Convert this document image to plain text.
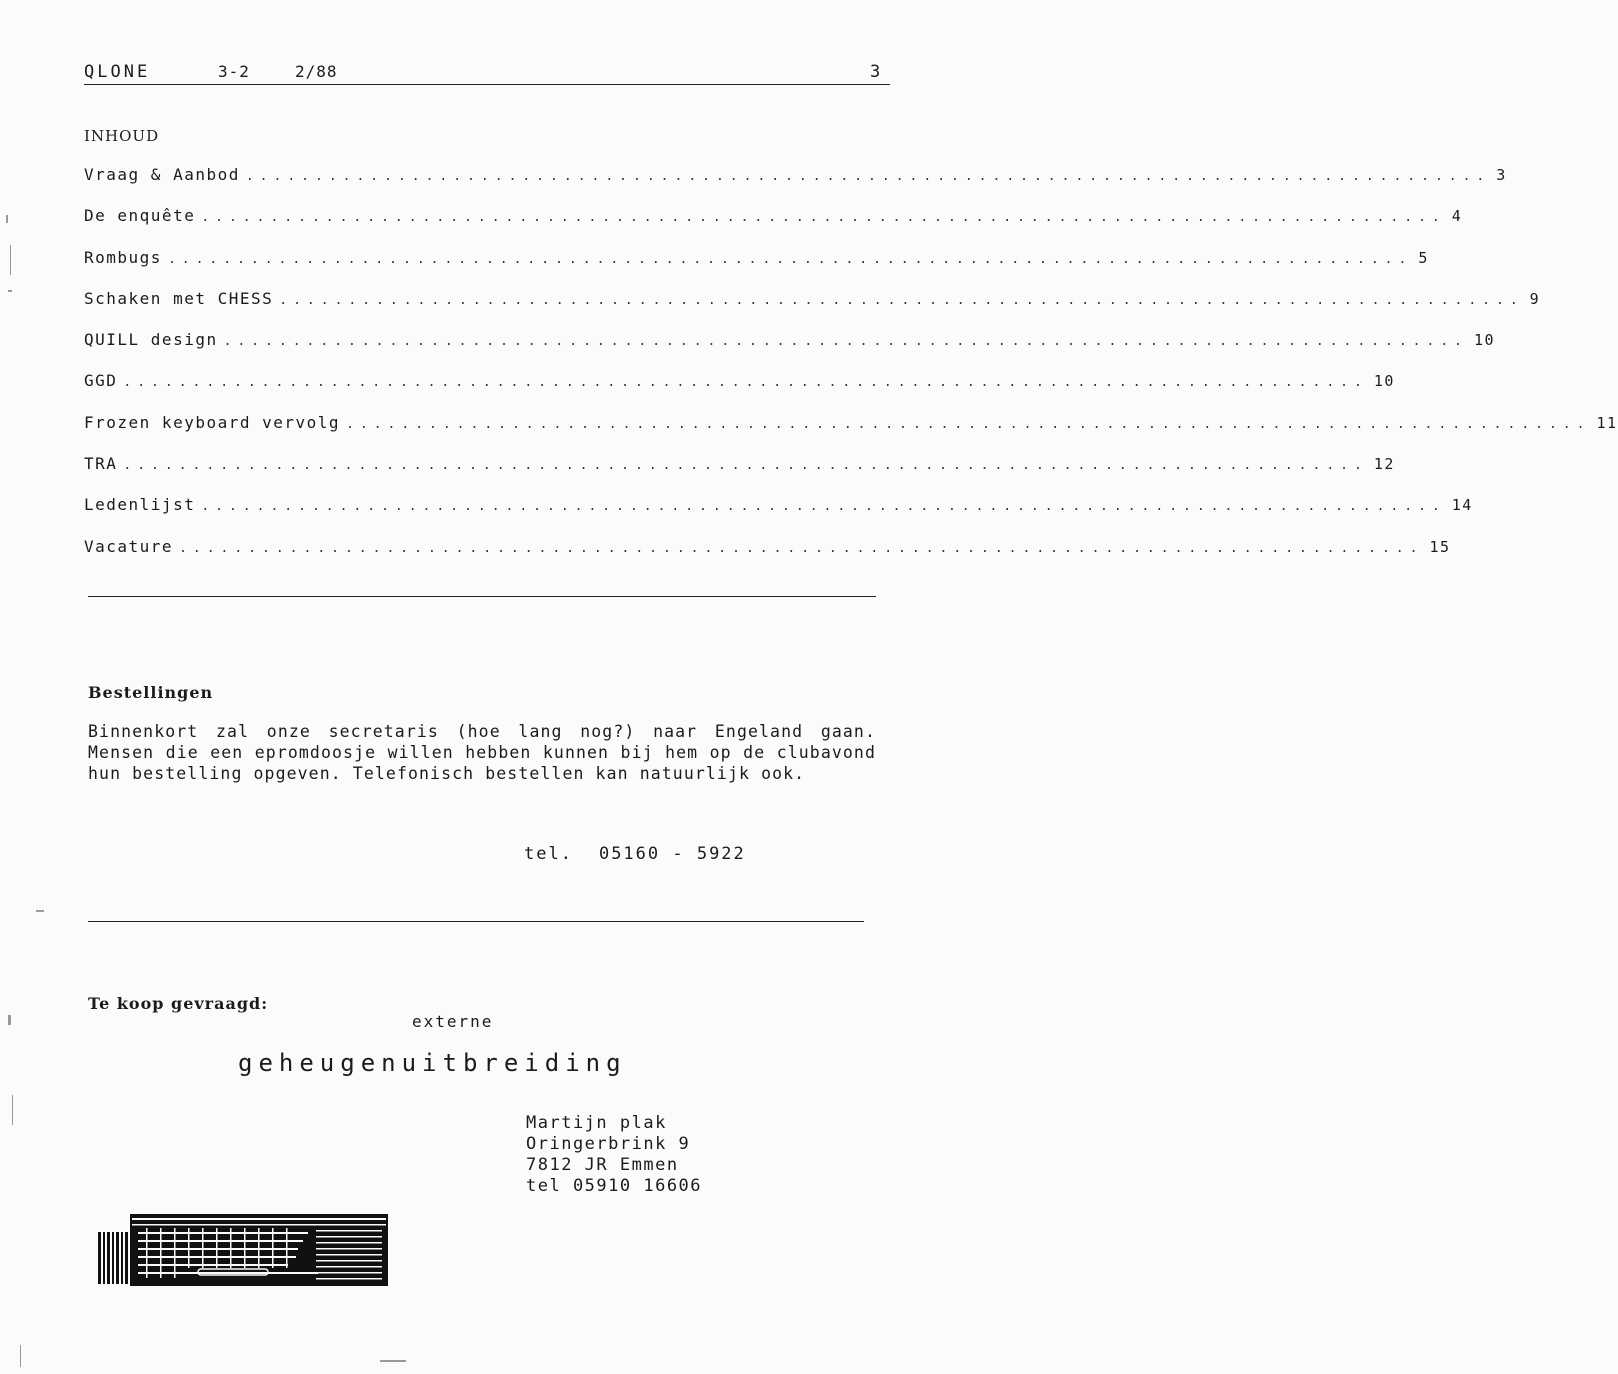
QLONE	3-2	2/88	3
INHOUD
Vraag & Aanbod .......................................................................................... 3
De enquête .......................................................................................... 4
Rombugs .......................................................................................... 5
Schaken met CHESS .......................................................................................... 9
QUILL design .......................................................................................... 10
GGD .......................................................................................... 10
Frozen keyboard vervolg .......................................................................................... 11
TRA .......................................................................................... 12
Ledenlijst .......................................................................................... 14
Vacature .......................................................................................... 15
Bestellingen
Binnenkort zal onze secretaris (hoe lang nog?) naar Engeland gaan. Mensen die een epromdoosje willen hebben kunnen bij hem op de clubavond hun bestelling opgeven. Telefonisch bestellen kan natuurlijk ook.
tel. 05160 - 5922
Te koop gevraagd:
externe
geheugenuitbreiding
Martijn plak
Oringerbrink 9
7812 JR Emmen
tel 05910 16606
